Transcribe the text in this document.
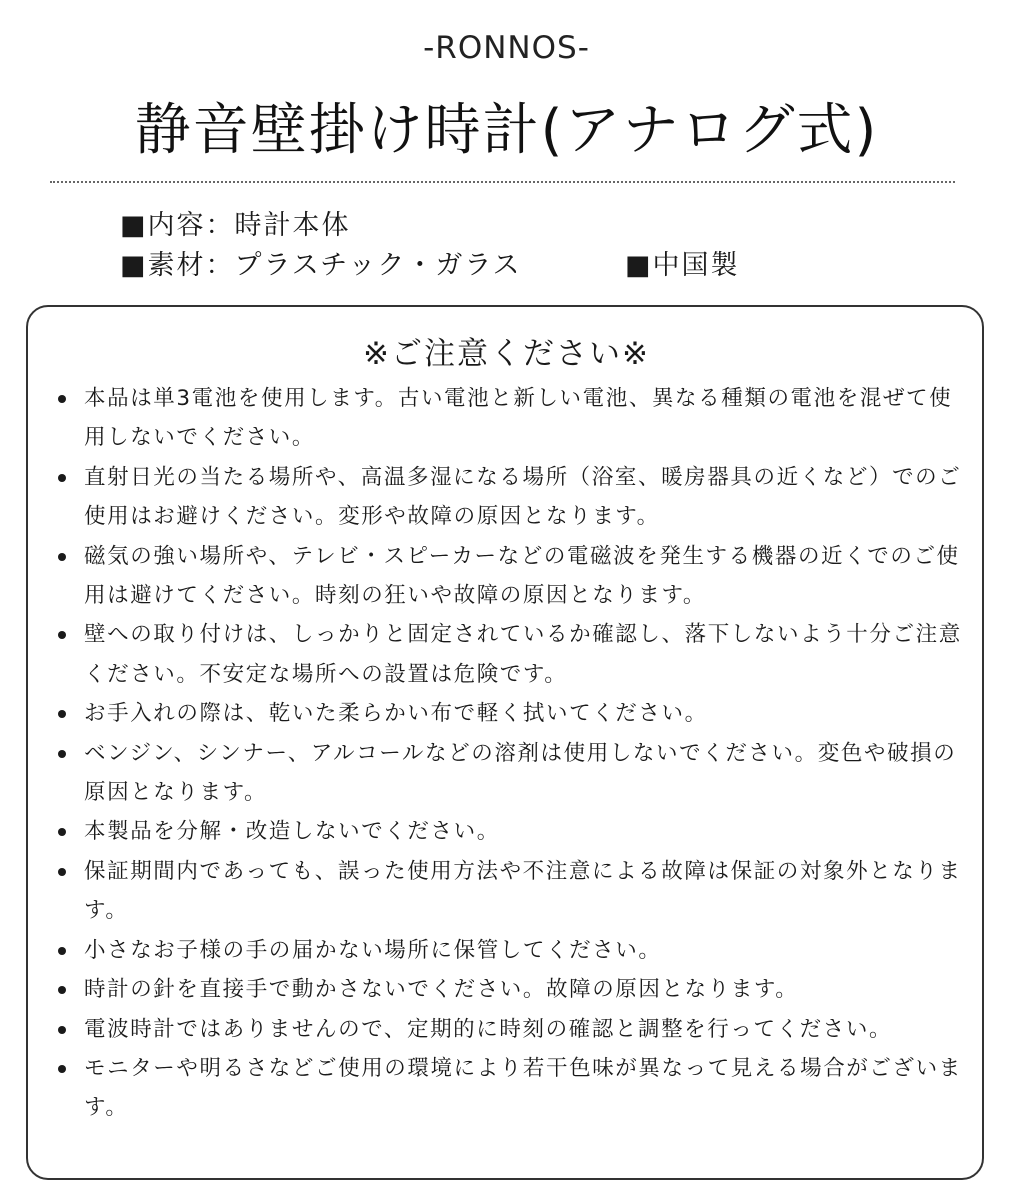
-RONNOS-
静音壁掛け時計(アナログ式)
■内容：時計本体
■素材：プラスチック・ガラス	■中国製
※ご注意ください※
本品は単3電池を使用します。古い電池と新しい電池、異なる種類の電池を混ぜて使用しないでください。
直射日光の当たる場所や、高温多湿になる場所（浴室、暖房器具の近くなど）でのご使用はお避けください。変形や故障の原因となります。
磁気の強い場所や、テレビ・スピーカーなどの電磁波を発生する機器の近くでのご使用は避けてください。時刻の狂いや故障の原因となります。
壁への取り付けは、しっかりと固定されているか確認し、落下しないよう十分ご注意ください。不安定な場所への設置は危険です。
お手入れの際は、乾いた柔らかい布で軽く拭いてください。
ベンジン、シンナー、アルコールなどの溶剤は使用しないでください。変色や破損の原因となります。
本製品を分解・改造しないでください。
保証期間内であっても、誤った使用方法や不注意による故障は保証の対象外となります。
小さなお子様の手の届かない場所に保管してください。
時計の針を直接手で動かさないでください。故障の原因となります。
電波時計ではありませんので、定期的に時刻の確認と調整を行ってください。
モニターや明るさなどご使用の環境により若干色味が異なって見える場合がございます。
